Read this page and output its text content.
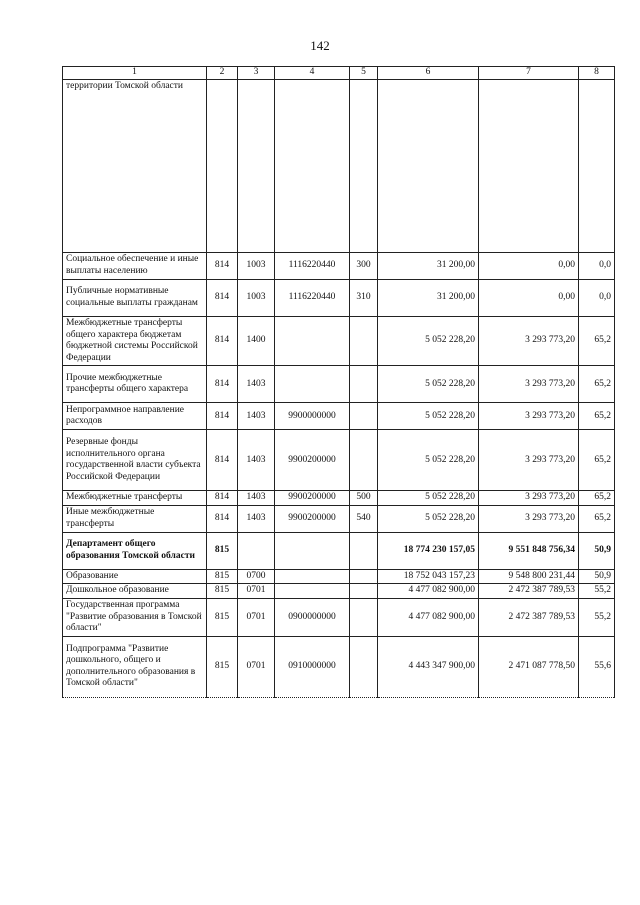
142
1	2	3	4	5	6	7	8
территории Томской области							
Социальное обеспечение и иные выплаты населению	814	1003	1116220440	300	31 200,00	0,00	0,0
Публичные нормативные социальные выплаты гражданам	814	1003	1116220440	310	31 200,00	0,00	0,0
Межбюджетные трансферты общего характера бюджетам бюджетной системы Российской Федерации	814	1400			5 052 228,20	3 293 773,20	65,2
Прочие межбюджетные трансферты общего характера	814	1403			5 052 228,20	3 293 773,20	65,2
Непрограммное направление расходов	814	1403	9900000000		5 052 228,20	3 293 773,20	65,2
Резервные фонды исполнительного органа государственной власти субъекта Российской Федерации	814	1403	9900200000		5 052 228,20	3 293 773,20	65,2
Межбюджетные трансферты	814	1403	9900200000	500	5 052 228,20	3 293 773,20	65,2
Иные межбюджетные трансферты	814	1403	9900200000	540	5 052 228,20	3 293 773,20	65,2
Департамент общего образования Томской области	815				18 774 230 157,05	9 551 848 756,34	50,9
Образование	815	0700			18 752 043 157,23	9 548 800 231,44	50,9
Дошкольное образование	815	0701			4 477 082 900,00	2 472 387 789,53	55,2
Государственная программа "Развитие образования в Томской области"	815	0701	0900000000		4 477 082 900,00	2 472 387 789,53	55,2
Подпрограмма "Развитие дошкольного, общего и дополнительного образования в Томской области"	815	0701	0910000000		4 443 347 900,00	2 471 087 778,50	55,6
